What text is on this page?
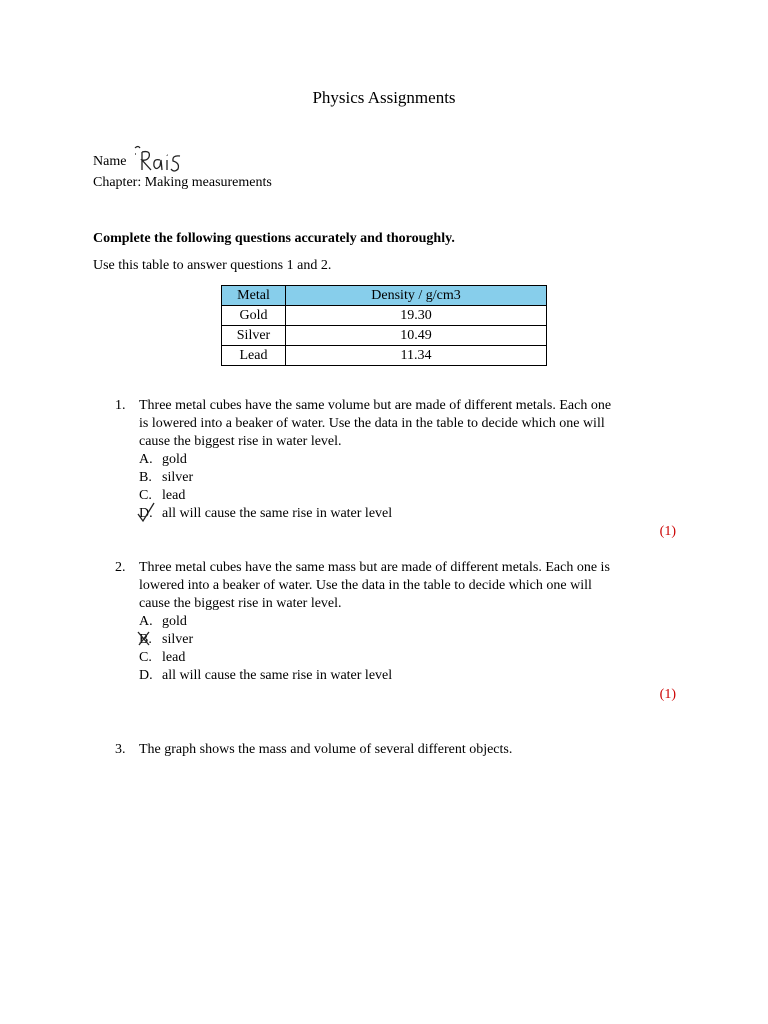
Physics Assignments
Name
Chapter: Making measurements
Complete the following questions accurately and thoroughly.
Use this table to answer questions 1 and 2.
Metal	Density / g/cm3
Gold	19.30
Silver	10.49
Lead	11.34
1. Three metal cubes have the same volume but are made of different metals. Each one
is lowered into a beaker of water. Use the data in the table to decide which one will
cause the biggest rise in water level.
A. gold
B. silver
C. lead
D. all will cause the same rise in water level
(1)
2. Three metal cubes have the same mass but are made of different metals. Each one is
lowered into a beaker of water. Use the data in the table to decide which one will
cause the biggest rise in water level.
A. gold
B. silver
C. lead
D. all will cause the same rise in water level
(1)
3. The graph shows the mass and volume of several different objects.
